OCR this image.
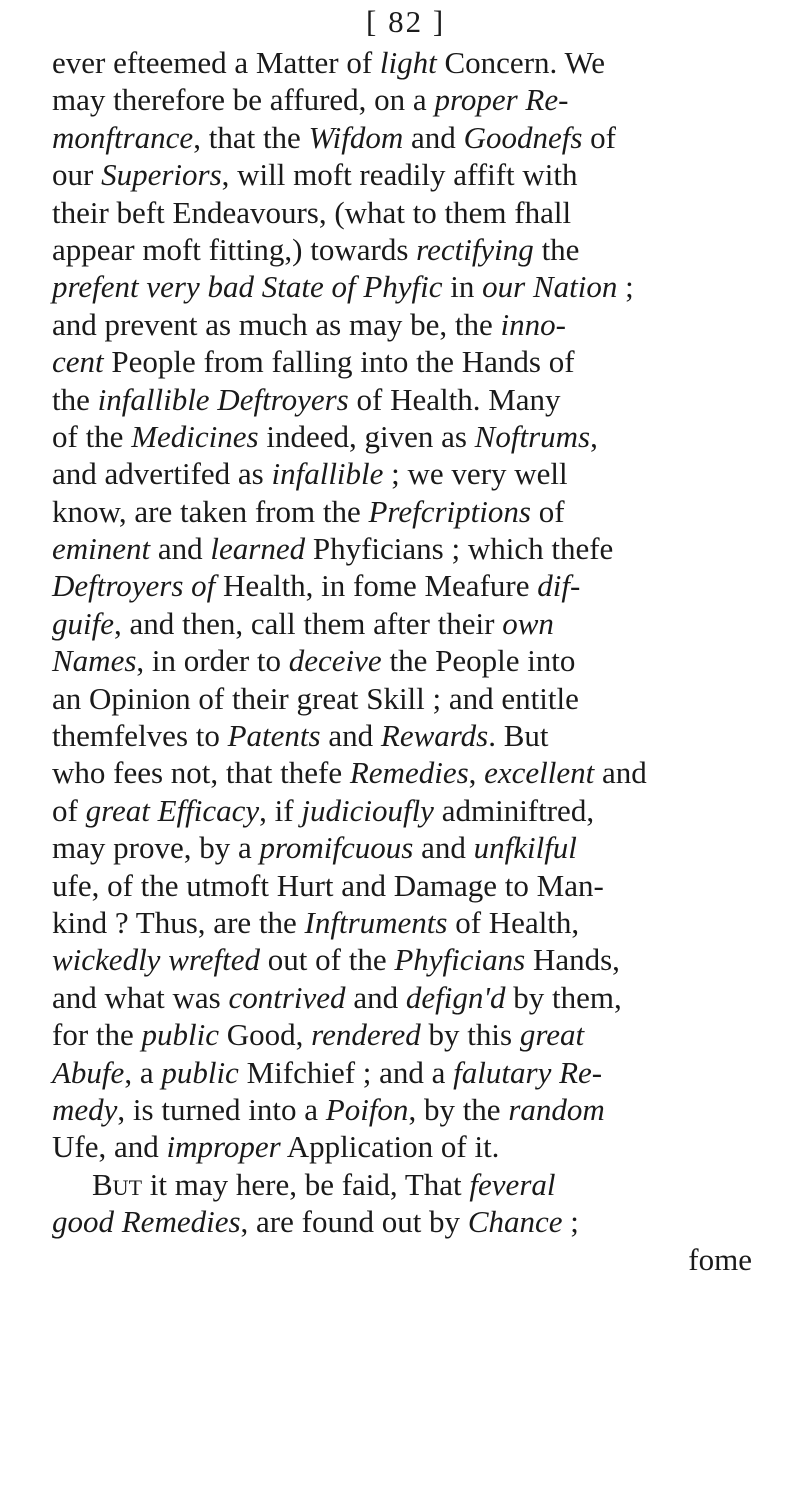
[ 82 ]
ever efteemed a Matter of light Concern. We
may therefore be affured, on a proper Re-
monftrance, that the Wifdom and Goodnefs of
our Superiors, will moft readily affift with
their beft Endeavours, (what to them fhall
appear moft fitting,) towards rectifying the
prefent very bad State of Phyfic in our Nation ;
and prevent as much as may be, the inno-
cent People from falling into the Hands of
the infallible Deftroyers of Health. Many
of the Medicines indeed, given as Noftrums,
and advertifed as infallible ; we very well
know, are taken from the Prefcriptions of
eminent and learned Phyficians ; which thefe
Deftroyers of Health, in fome Meafure dif-
guife, and then, call them after their own
Names, in order to deceive the People into
an Opinion of their great Skill ; and entitle
themfelves to Patents and Rewards. But
who fees not, that thefe Remedies, excellent and
of great Efficacy, if judicioufly adminiftred,
may prove, by a promifcuous and unfkilful
ufe, of the utmoft Hurt and Damage to Man-
kind ? Thus, are the Inftruments of Health,
wickedly wrefted out of the Phyficians Hands,
and what was contrived and defign'd by them,
for the public Good, rendered by this great
Abufe, a public Mifchief ; and a falutary Re-
medy, is turned into a Poifon, by the random
Ufe, and improper Application of it.
But it may here, be faid, That feveral
good Remedies, are found out by Chance ;
fome
